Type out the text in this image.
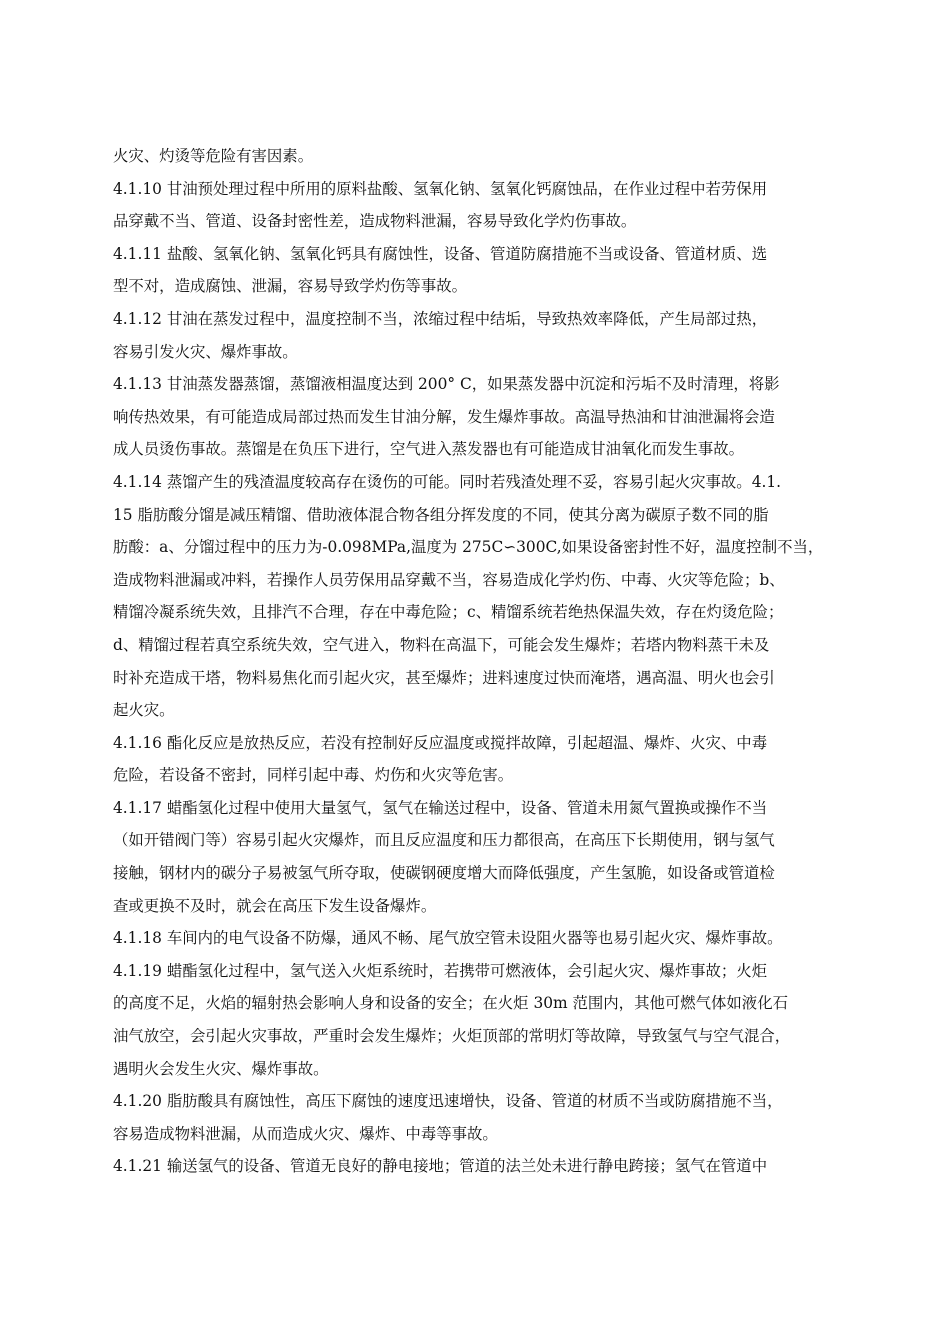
火灾、灼烫等危险有害因素。
4.1.10 甘油预处理过程中所用的原料盐酸、氢氧化钠、氢氧化钙腐蚀品，在作业过程中若劳保用
品穿戴不当、管道、设备封密性差，造成物料泄漏，容易导致化学灼伤事故。
4.1.11 盐酸、氢氧化钠、氢氧化钙具有腐蚀性，设备、管道防腐措施不当或设备、管道材质、选
型不对，造成腐蚀、泄漏，容易导致学灼伤等事故。
4.1.12 甘油在蒸发过程中，温度控制不当，浓缩过程中结垢，导致热效率降低，产生局部过热，
容易引发火灾、爆炸事故。
4.1.13 甘油蒸发器蒸馏，蒸馏液相温度达到 200° C，如果蒸发器中沉淀和污垢不及时清理，将影
响传热效果，有可能造成局部过热而发生甘油分解，发生爆炸事故。高温导热油和甘油泄漏将会造
成人员烫伤事故。蒸馏是在负压下进行，空气进入蒸发器也有可能造成甘油氧化而发生事故。
4.1.14 蒸馏产生的残渣温度较高存在烫伤的可能。同时若残渣处理不妥，容易引起火灾事故。4.1.
15 脂肪酸分馏是减压精馏、借助液体混合物各组分挥发度的不同，使其分离为碳原子数不同的脂
肪酸：a、分馏过程中的压力为-0.098MPa,温度为 275C∽300C,如果设备密封性不好，温度控制不当，
造成物料泄漏或冲料，若操作人员劳保用品穿戴不当，容易造成化学灼伤、中毒、火灾等危险；b、
精馏冷凝系统失效，且排汽不合理，存在中毒危险；c、精馏系统若绝热保温失效，存在灼烫危险；
d、精馏过程若真空系统失效，空气进入，物料在高温下，可能会发生爆炸；若塔内物料蒸干未及
时补充造成干塔，物料易焦化而引起火灾，甚至爆炸；进料速度过快而淹塔，遇高温、明火也会引
起火灾。
4.1.16 酯化反应是放热反应，若没有控制好反应温度或搅拌故障，引起超温、爆炸、火灾、中毒
危险，若设备不密封，同样引起中毒、灼伤和火灾等危害。
4.1.17 蜡酯氢化过程中使用大量氢气，氢气在输送过程中，设备、管道未用氮气置换或操作不当
（如开错阀门等）容易引起火灾爆炸，而且反应温度和压力都很高，在高压下长期使用，钢与氢气
接触，钢材内的碳分子易被氢气所夺取，使碳钢硬度增大而降低强度，产生氢脆，如设备或管道检
查或更换不及时，就会在高压下发生设备爆炸。
4.1.18 车间内的电气设备不防爆，通风不畅、尾气放空管未设阻火器等也易引起火灾、爆炸事故。
4.1.19 蜡酯氢化过程中，氢气送入火炬系统时，若携带可燃液体，会引起火灾、爆炸事故；火炬
的高度不足，火焰的辐射热会影响人身和设备的安全；在火炬 30m 范围内，其他可燃气体如液化石
油气放空，会引起火灾事故，严重时会发生爆炸；火炬顶部的常明灯等故障，导致氢气与空气混合，
遇明火会发生火灾、爆炸事故。
4.1.20 脂肪酸具有腐蚀性，高压下腐蚀的速度迅速增快，设备、管道的材质不当或防腐措施不当，
容易造成物料泄漏，从而造成火灾、爆炸、中毒等事故。
4.1.21 输送氢气的设备、管道无良好的静电接地；管道的法兰处未进行静电跨接；氢气在管道中
